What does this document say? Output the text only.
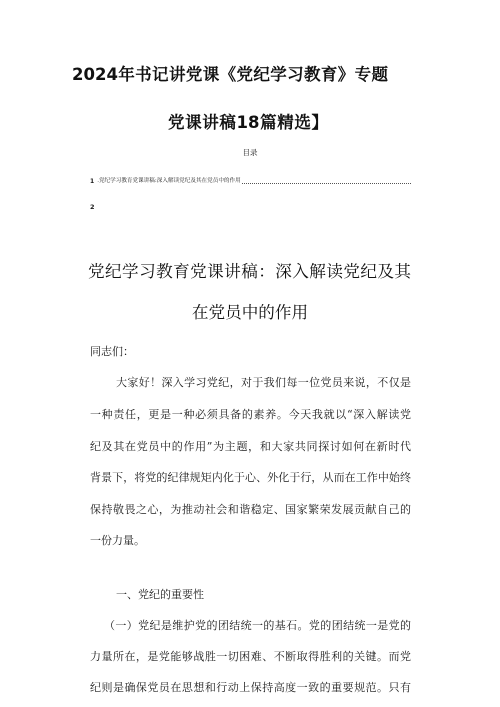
2024年书记讲党课《党纪学习教育》专题
党课讲稿18篇精选】
目录
1 .党纪学习教育党课讲稿:深入解读党纪及其在党员中的作用
2
党纪学习教育党课讲稿：深入解读党纪及其
在党员中的作用
同志们：
大家好！深入学习党纪，对于我们每一位党员来说，不仅是
一种责任，更是一种必须具备的素养。今天我就以“深入解读党
纪及其在党员中的作用”为主题，和大家共同探讨如何在新时代
背景下，将党的纪律规矩内化于心、外化于行，从而在工作中始终
保持敬畏之心，为推动社会和谐稳定、国家繁荣发展贡献自己的
一份力量。
一、党纪的重要性
（一）党纪是维护党的团结统一的基石。党的团结统一是党的
力量所在，是党能够战胜一切困难、不断取得胜利的关键。而党
纪则是确保党员在思想和行动上保持高度一致的重要规范。只有
